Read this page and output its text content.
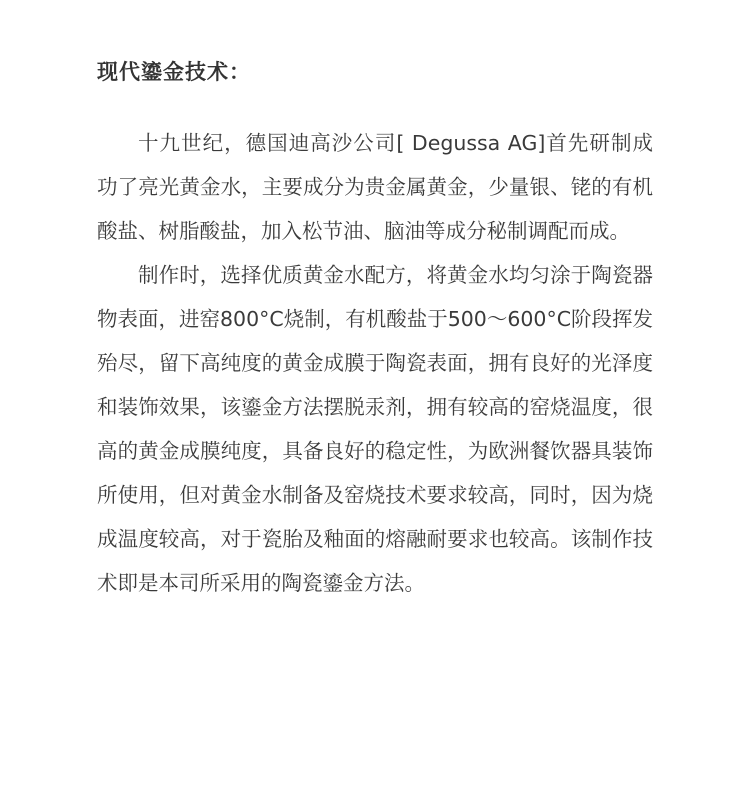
现代鎏金技术：

十九世纪，德国迪高沙公司[ Degussa AG]首先研制成功了亮光黄金水，主要成分为贵金属黄金，少量银、铑的有机酸盐、树脂酸盐，加入松节油、脑油等成分秘制调配而成。

制作时，选择优质黄金水配方，将黄金水均匀涂于陶瓷器物表面，进窑800°C烧制，有机酸盐于500～600°C阶段挥发殆尽，留下高纯度的黄金成膜于陶瓷表面，拥有良好的光泽度和装饰效果，该鎏金方法摆脱汞剂，拥有较高的窑烧温度，很高的黄金成膜纯度，具备良好的稳定性，为欧洲餐饮器具装饰所使用，但对黄金水制备及窑烧技术要求较高，同时，因为烧成温度较高，对于瓷胎及釉面的熔融耐要求也较高。该制作技术即是本司所采用的陶瓷鎏金方法。
